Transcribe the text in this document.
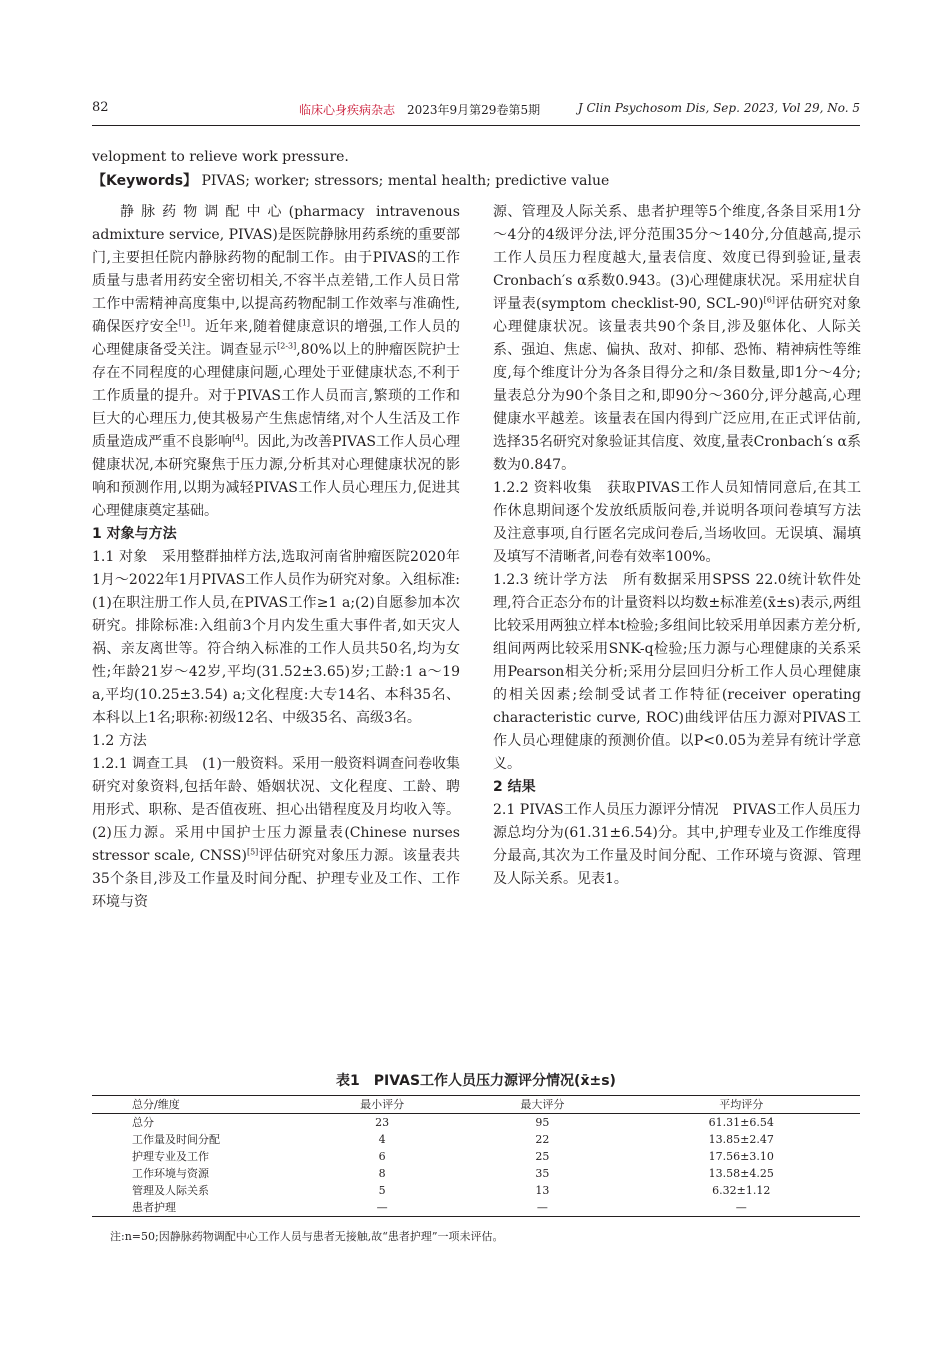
82	临床心身疾病杂志 2023年9月第29卷第5期	J Clin Psychosom Dis, Sep. 2023, Vol 29, No. 5
velopment to relieve work pressure.
【Keywords】 PIVAS; worker; stressors; mental health; predictive value

静脉药物调配中心(pharmacy intravenous admixture service, PIVAS)是医院静脉用药系统的重要部门,主要担任院内静脉药物的配制工作。由于PIVAS的工作质量与患者用药安全密切相关,不容半点差错,工作人员日常工作中需精神高度集中,以提高药物配制工作效率与准确性,确保医疗安全[1]。近年来,随着健康意识的增强,工作人员的心理健康备受关注。调查显示[2-3],80%以上的肿瘤医院护士存在不同程度的心理健康问题,心理处于亚健康状态,不利于工作质量的提升。对于PIVAS工作人员而言,繁琐的工作和巨大的心理压力,使其极易产生焦虑情绪,对个人生活及工作质量造成严重不良影响[4]。因此,为改善PIVAS工作人员心理健康状况,本研究聚焦于压力源,分析其对心理健康状况的影响和预测作用,以期为减轻PIVAS工作人员心理压力,促进其心理健康奠定基础。

1 对象与方法

1.1 对象　采用整群抽样方法,选取河南省肿瘤医院2020年1月～2022年1月PIVAS工作人员作为研究对象。入组标准:(1)在职注册工作人员,在PIVAS工作≥1 a;(2)自愿参加本次研究。排除标准:入组前3个月内发生重大事件者,如天灾人祸、亲友离世等。符合纳入标准的工作人员共50名,均为女性;年龄21岁～42岁,平均(31.52±3.65)岁;工龄:1 a～19 a,平均(10.25±3.54) a;文化程度:大专14名、本科35名、本科以上1名;职称:初级12名、中级35名、高级3名。

1.2 方法

1.2.1 调查工具　(1)一般资料。采用一般资料调查问卷收集研究对象资料,包括年龄、婚姻状况、文化程度、工龄、聘用形式、职称、是否值夜班、担心出错程度及月均收入等。(2)压力源。采用中国护士压力源量表(Chinese nurses stressor scale, CNSS)[5]评估研究对象压力源。该量表共35个条目,涉及工作量及时间分配、护理专业及工作、工作环境与资

源、管理及人际关系、患者护理等5个维度,各条目采用1分～4分的4级评分法,评分范围35分～140分,分值越高,提示工作人员压力程度越大,量表信度、效度已得到验证,量表Cronbach′s α系数0.943。(3)心理健康状况。采用症状自评量表(symptom checklist-90, SCL-90)[6]评估研究对象心理健康状况。该量表共90个条目,涉及躯体化、人际关系、强迫、焦虑、偏执、敌对、抑郁、恐怖、精神病性等维度,每个维度计分为各条目得分之和/条目数量,即1分～4分;量表总分为90个条目之和,即90分～360分,评分越高,心理健康水平越差。该量表在国内得到广泛应用,在正式评估前,选择35名研究对象验证其信度、效度,量表Cronbach′s α系数为0.847。

1.2.2 资料收集　获取PIVAS工作人员知情同意后,在其工作休息期间逐个发放纸质版问卷,并说明各项问卷填写方法及注意事项,自行匿名完成问卷后,当场收回。无误填、漏填及填写不清晰者,问卷有效率100%。

1.2.3 统计学方法　所有数据采用SPSS 22.0统计软件处理,符合正态分布的计量资料以均数±标准差(x̄±s)表示,两组比较采用两独立样本t检验;多组间比较采用单因素方差分析,组间两两比较采用SNK-q检验;压力源与心理健康的关系采用Pearson相关分析;采用分层回归分析工作人员心理健康的相关因素;绘制受试者工作特征(receiver operating characteristic curve, ROC)曲线评估压力源对PIVAS工作人员心理健康的预测价值。以P<0.05为差异有统计学意义。

2 结果

2.1 PIVAS工作人员压力源评分情况　PIVAS工作人员压力源总均分为(61.31±6.54)分。其中,护理专业及工作维度得分最高,其次为工作量及时间分配、工作环境与资源、管理及人际关系。见表1。

表1　PIVAS工作人员压力源评分情况(x̄±s)
总分/维度	最小评分	最大评分	平均评分
总分	23	95	61.31±6.54
工作量及时间分配	4	22	13.85±2.47
护理专业及工作	6	25	17.56±3.10
工作环境与资源	8	35	13.58±4.25
管理及人际关系	5	13	6.32±1.12
患者护理	—	—	—
注:n=50;因静脉药物调配中心工作人员与患者无接触,故“患者护理”一项未评估。
